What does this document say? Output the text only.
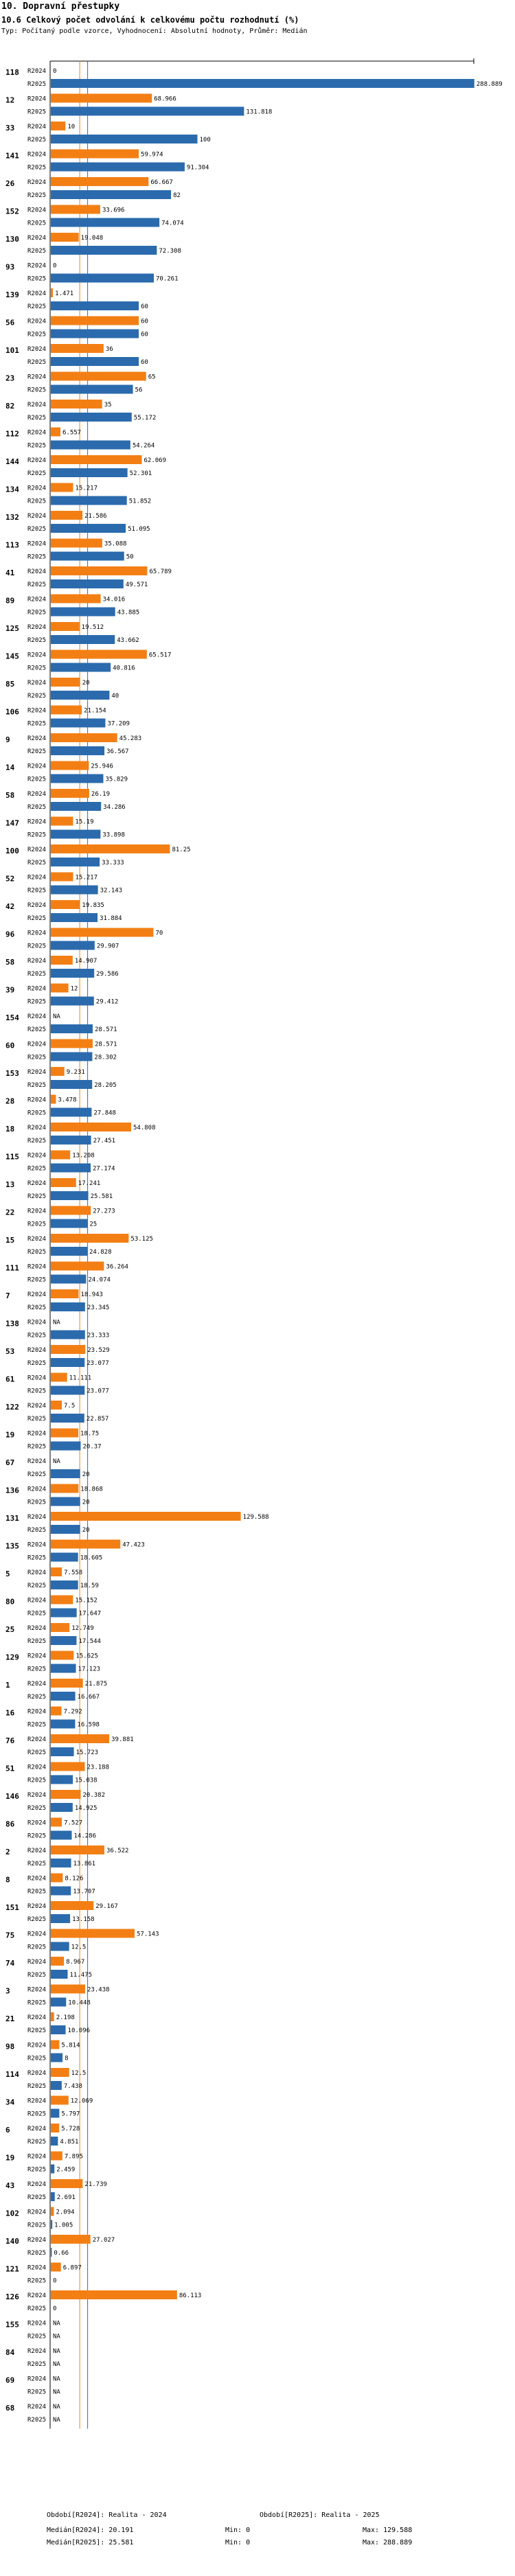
10. Dopravní přestupky
10.6 Celkový počet odvolání k celkovému počtu rozhodnutí (%)
Typ: Počítaný podle vzorce, Vyhodnocení: Absolutní hodnoty, Průměr: Medián
118 R2024 0
R2025	288.889
12 R2024	68.966
R2025	131.818
33 R2024	10
R2025	100
141 R2024	59.974
R2025	91.304
26 R2024	66.667
R2025	82
152 R2024	33.696
R2025	74.074
130 R2024	19.048
R2025	72.308
93 R2024 0
R2025	70.261
139 R2024 1.471
R2025	60
56 R2024	60
R2025	60
101 R2024	36
R2025	60
23 R2024	65
R2025	56
82 R2024	35
R2025	55.172
112 R2024	6.557
R2025	54.264
144 R2024	62.069
R2025	52.301
134 R2024	15.217
R2025	51.852
132 R2024	21.586
R2025	51.095
113 R2024	35.088
R2025	50
41 R2024	65.789
R2025	49.571
89 R2024	34.016
R2025	43.885
125 R2024	19.512
R2025	43.662
145 R2024	65.517
R2025	40.816
85 R2024	20
R2025	40
106 R2024	21.154
R2025	37.209
9	R2024	45.283
R2025	36.567
14 R2024	25.946
R2025	35.829
58 R2024	26.19
R2025	34.286
147 R2024	15.19
R2025	33.898
100 R2024	81.25
R2025	33.333
52 R2024	15.217
R2025	32.143
42 R2024	19.835
R2025	31.884
96 R2024	70
R2025	29.907
58 R2024	14.907
R2025	29.586
39 R2024	12
R2025	29.412
154 R2024 NA
R2025	28.571
60 R2024	28.571
R2025	28.302
153 R2024	9.231
R2025	28.205
28 R2024 3.478
R2025	27.848
18 R2024	54.808
R2025	27.451
115 R2024	13.208
R2025	27.174
13 R2024	17.241
R2025	25.581
22 R2024	27.273
R2025	25
15 R2024	53.125
R2025	24.828
111 R2024	36.264
R2025	24.074
7	R2024	18.943
R2025	23.345
138 R2024 NA
R2025	23.333
53 R2024	23.529
R2025	23.077
61 R2024	11.111
R2025	23.077
122 R2024	7.5
R2025	22.857
19 R2024	18.75
R2025	20.37
67 R2024 NA
R2025	20
136 R2024	18.868
R2025	20
131 R2024	129.588
R2025	20
135 R2024	47.423
R2025	18.605
5	R2024	7.558
R2025	18.59
80 R2024	15.152
R2025	17.647
25 R2024	12.749
R2025	17.544
129 R2024	15.625
R2025	17.123
1	R2024	21.875
R2025	16.667
16 R2024	7.292
R2025	16.598
76 R2024	39.881
R2025	15.723
51 R2024	23.188
R2025	15.038
146 R2024	20.382
R2025	14.925
86 R2024	7.527
R2025	14.286
2	R2024	36.522
R2025	13.861
8	R2024	8.126
R2025	13.707
151 R2024	29.167
R2025	13.158
75 R2024	57.143
R2025	12.5
74 R2024	8.967
R2025	11.475
3	R2024	23.438
R2025	10.448
21 R2024 2.198
R2025	10.096
98 R2024 5.814
R2025	8
114 R2024	12.5
R2025	7.438
34 R2024	12.069
R2025 5.797
6	R2024 5.728
R2025 4.851
19 R2024	7.895
R2025 2.459
43 R2024	21.739
R2025 2.691
102 R2024 2.094
R2025 1.005
140 R2024	27.027
R2025 0.66
121 R2024	6.897
R2025 0
126 R2024	86.113
R2025 0
155 R2024 NA
R2025 NA
84 R2024 NA
R2025 NA
69 R2024 NA
R2025 NA
68 R2024 NA
R2025 NA
Období[R2024]: Realita - 2024	Období[R2025]: Realita - 2025
Medián[R2024]: 20.191	Min: 0	Max: 129.588
Medián[R2025]: 25.581	Min: 0	Max: 288.889
